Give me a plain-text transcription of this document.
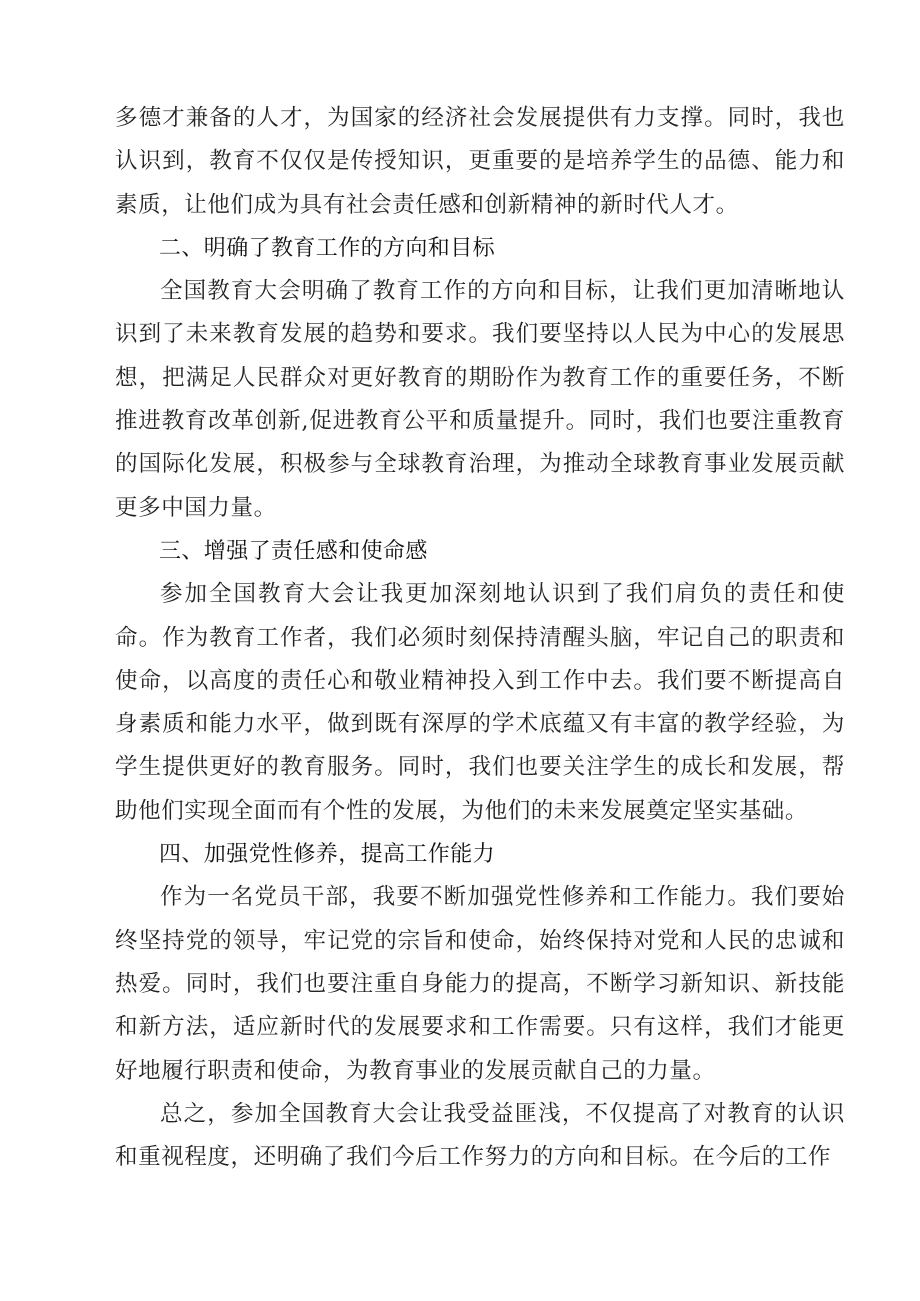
多德才兼备的人才，为国家的经济社会发展提供有力支撑。同时，我也认识到，教育不仅仅是传授知识，更重要的是培养学生的品德、能力和素质，让他们成为具有社会责任感和创新精神的新时代人才。

二、明确了教育工作的方向和目标

全国教育大会明确了教育工作的方向和目标，让我们更加清晰地认识到了未来教育发展的趋势和要求。我们要坚持以人民为中心的发展思想，把满足人民群众对更好教育的期盼作为教育工作的重要任务，不断推进教育改革创新,促进教育公平和质量提升。同时，我们也要注重教育的国际化发展，积极参与全球教育治理，为推动全球教育事业发展贡献更多中国力量。

三、增强了责任感和使命感

参加全国教育大会让我更加深刻地认识到了我们肩负的责任和使命。作为教育工作者，我们必须时刻保持清醒头脑，牢记自己的职责和使命，以高度的责任心和敬业精神投入到工作中去。我们要不断提高自身素质和能力水平，做到既有深厚的学术底蕴又有丰富的教学经验，为学生提供更好的教育服务。同时，我们也要关注学生的成长和发展，帮助他们实现全面而有个性的发展，为他们的未来发展奠定坚实基础。

四、加强党性修养，提高工作能力

作为一名党员干部，我要不断加强党性修养和工作能力。我们要始终坚持党的领导，牢记党的宗旨和使命，始终保持对党和人民的忠诚和热爱。同时，我们也要注重自身能力的提高，不断学习新知识、新技能和新方法，适应新时代的发展要求和工作需要。只有这样，我们才能更好地履行职责和使命，为教育事业的发展贡献自己的力量。

总之，参加全国教育大会让我受益匪浅，不仅提高了对教育的认识和重视程度，还明确了我们今后工作努力的方向和目标。在今后的工作
